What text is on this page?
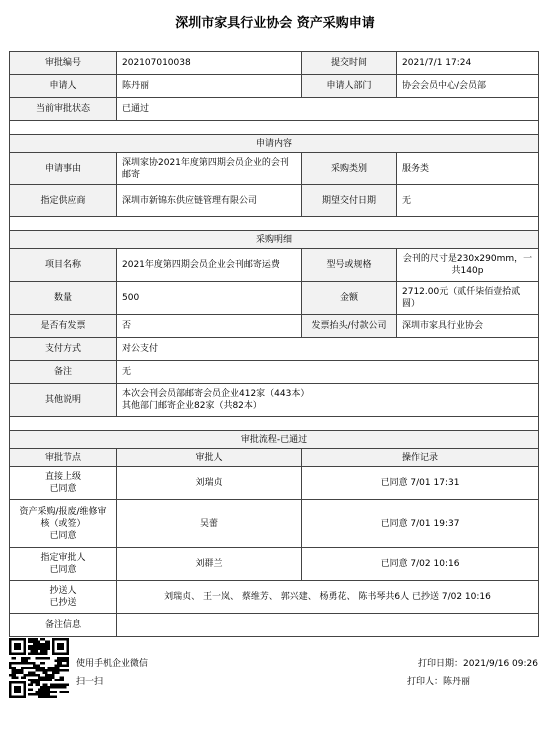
深圳市家具行业协会 资产采购申请
审批编号	202107010038	提交时间	2021/7/1 17:24
申请人	陈丹丽	申请人部门	协会会员中心/会员部
当前审批状态	已通过		

申请内容			
申请事由	深圳家协2021年度第四期会员企业的会刊邮寄	采购类别	服务类
指定供应商	深圳市新锦东供应链管理有限公司	期望交付日期	无

采购明细			
项目名称	2021年度第四期会员企业会刊邮寄运费	型号或规格	会刊的尺寸是230x290mm，一共140p
数量	500	金额	2712.00元（贰仟柒佰壹拾贰圆）
是否有发票	否	发票抬头/付款公司	深圳市家具行业协会
支付方式	对公支付		
备注	无		
其他说明	本次会刊会员部邮寄会员企业412家（443本）
其他部门邮寄企业82家（共82本）		

审批流程-已通过			
审批节点	审批人	操作记录	

直接上级
已同意	刘瑞贞	已同意 7/01 17:31	

资产采购/报废/维修审核（或签）
已同意	吴蕾	已同意 7/01 19:37	

指定审批人
已同意	刘群兰	已同意 7/02 10:16	

抄送人
已抄送	刘瑞贞、 王一岚、 蔡维芳、 郭兴建、 杨勇花、 陈书琴共6人 已抄送 7/02 10:16		
备注信息			
使用手机企业微信
扫一扫
打印日期：2021/9/16 09:26
打印人：陈丹丽
